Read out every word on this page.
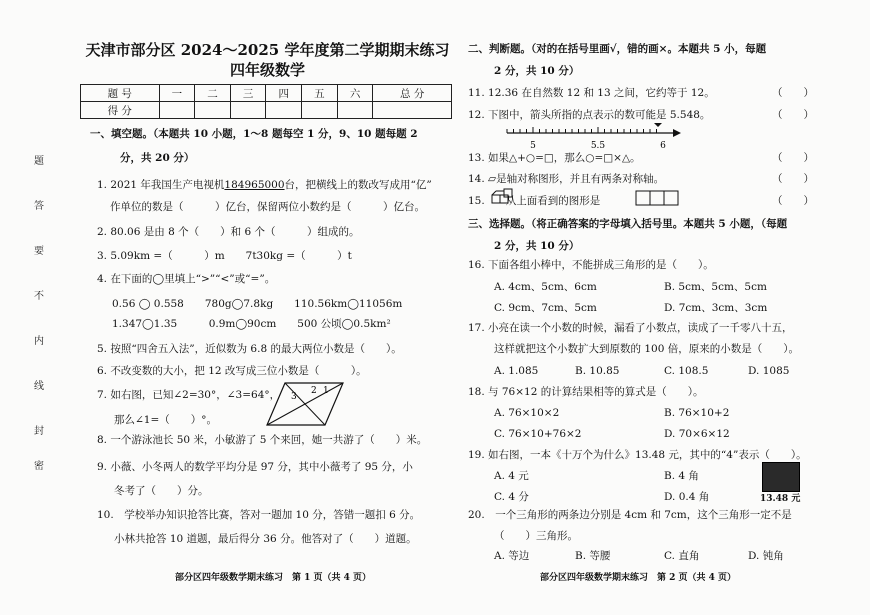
题
答
要
不
内
线
封
密
天津市部分区 2024～2025 学年度第二学期期末练习
四年级数学
题 号	一	二	三	四	五	六	总 分
得 分							
一、填空题。（本题共 10 小题，1～8 题每空 1 分，9、10 题每题 2
分，共 20 分）
1. 2021 年我国生产电视机184965000台，把横线上的数改写成用“亿”
作单位的数是（　　　）亿台，保留两位小数约是（　　　）亿台。
2. 80.06 是由 8 个（　　）和 6 个（　　　）组成的。
3. 5.09km =（　　　）m　　7t30kg =（　　　）t
4. 在下面的◯里填上“>”“<”或“=”。
0.56 ◯ 0.558　　780g◯7.8kg　　110.56km◯11056m
1.347◯1.35　　　0.9m◯90cm　　500 公顷◯0.5km²
5. 按照“四舍五入法”，近似数为 6.8 的最大两位小数是（　　）。
6. 不改变数的大小，把 12 改写成三位小数是（　　　）。
7. 如右图，已知∠2=30°，∠3=64°，
那么∠1=（　　）°。
1
2
3
8. 一个游泳池长 50 米，小敏游了 5 个来回，她一共游了（　　）米。
9. 小薇、小冬两人的数学平均分是 97 分，其中小薇考了 95 分，小
冬考了（　　）分。
10.　学校举办知识抢答比赛，答对一题加 10 分，答错一题扣 6 分。
小林共抢答 10 道题，最后得分 36 分。他答对了（　　）道题。
部分区四年级数学期末练习　第 1 页（共 4 页）
二、判断题。（对的在括号里画√，错的画×。本题共 5 小，每题
2 分，共 10 分）
11. 12.36 在自然数 12 和 13 之间，它约等于 12。	（　　）
12. 下图中，箭头所指的点表示的数可能是 5.548。	（　　）
5	5.5	6
13. 如果△+○=□，那么○=□×△。	（　　）
14. ▱是轴对称图形，并且有两条对称轴。	（　　）
15.　　从上面看到的图形是	（　　）
三、选择题。（将正确答案的字母填入括号里。本题共 5 小题，（每题
2 分，共 10 分）
16. 下面各组小棒中，不能拼成三角形的是（　　）。
A. 4cm、5cm、6cm	B. 5cm、5cm、5cm
C. 9cm、7cm、5cm	D. 7cm、3cm、3cm
17. 小亮在读一个小数的时候，漏看了小数点，读成了一千零八十五，
这样就把这个小数扩大到原数的 100 倍，原来的小数是（　　）。
A. 1.085	B. 10.85	C. 108.5	D. 1085
18. 与 76×12 的计算结果相等的算式是（　　）。
A. 76×10×2	B. 76×10+2
C. 76×10+76×2	D. 70×6×12
19. 如右图，一本《十万个为什么》13.48 元，其中的“4”表示（　　）。
A. 4 元	B. 4 角
C. 4 分	D. 0.4 角	13.48 元
20.　一个三角形的两条边分别是 4cm 和 7cm，这个三角形一定不是
（　　）三角形。
A. 等边	B. 等腰	C. 直角	D. 钝角
部分区四年级数学期末练习　第 2 页（共 4 页）
